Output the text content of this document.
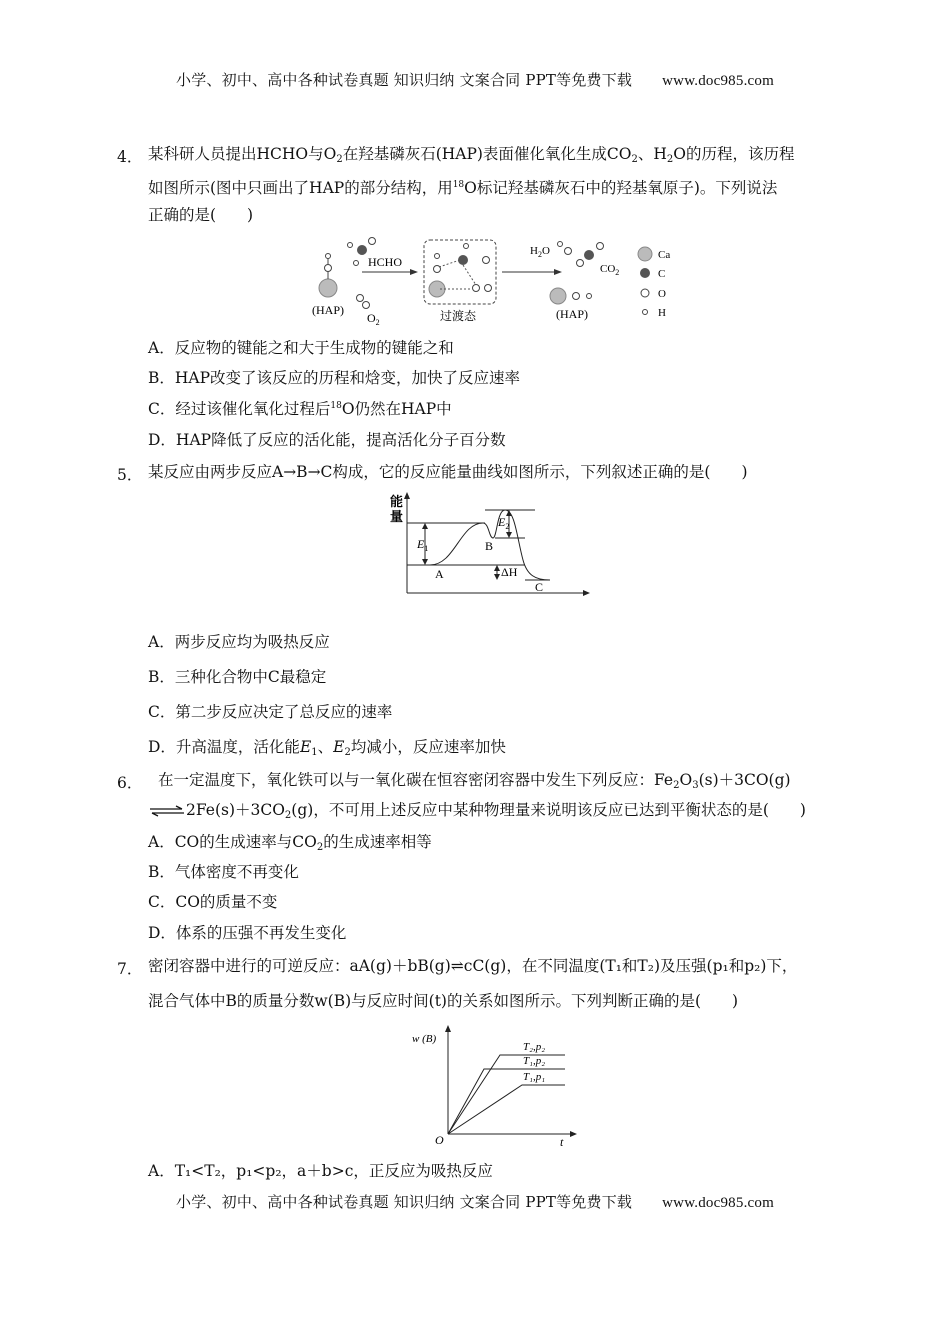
小学、初中、高中各种试卷真题 知识归纳 文案合同 PPT等免费下载 www.doc985.com
4． 某科研人员提出HCHO与$O_2$在羟基磷灰石(HAP)表面催化氧化生成$CO_2$、$H_2O$的历程，该历程
如图所示(图中只画出了HAP的部分结构，用$^{18}$O标记羟基磷灰石中的羟基氧原子)。下列说法
正确的是(　　)
(HAP)
HCHO
$O_2$	过渡态
$H_2O$
$CO_2$
(HAP)
Ca
C
O
H
A．反应物的键能之和大于生成物的键能之和
B．HAP改变了该反应的历程和焓变，加快了反应速率
C．经过该催化氧化过程后$^{18}$O仍然在HAP中
D．HAP降低了反应的活化能，提高活化分子百分数
5． 某反应由两步反应A→B→C构成，它的反应能量曲线如图所示，下列叙述正确的是(　　)
能
量
$E_1$
$E_2$
B
A
C
ΔH
A．两步反应均为吸热反应
B．三种化合物中C最稳定
C．第二步反应决定了总反应的速率
D．升高温度，活化能$E_1$、$E_2$均减小，反应速率加快
6． 在一定温度下，氧化铁可以与一氧化碳在恒容密闭容器中发生下列反应：$Fe_2O_3(s)+3CO(g)$
$\rightleftharpoons 2Fe(s)+3CO_2(g)$，不可用上述反应中某种物理量来说明该反应已达到平衡状态的是(　　)
A．CO的生成速率与$CO_2$的生成速率相等
B．气体密度不再变化
C．CO的质量不变
D．体系的压强不再发生变化
7． 密闭容器中进行的可逆反应：aA(g)＋bB(g)⇌cC(g)，在不同温度(T₁和T₂)及压强(p₁和p₂)下，
混合气体中B的质量分数w(B)与反应时间(t)的关系如图所示。下列判断正确的是(　　)
w (B)
t
O
T₂,p₂
T₁,p₂
T₁,p₁
A．T₁<T₂，p₁<p₂，a＋b>c，正反应为吸热反应
小学、初中、高中各种试卷真题 知识归纳 文案合同 PPT等免费下载 www.doc985.com
